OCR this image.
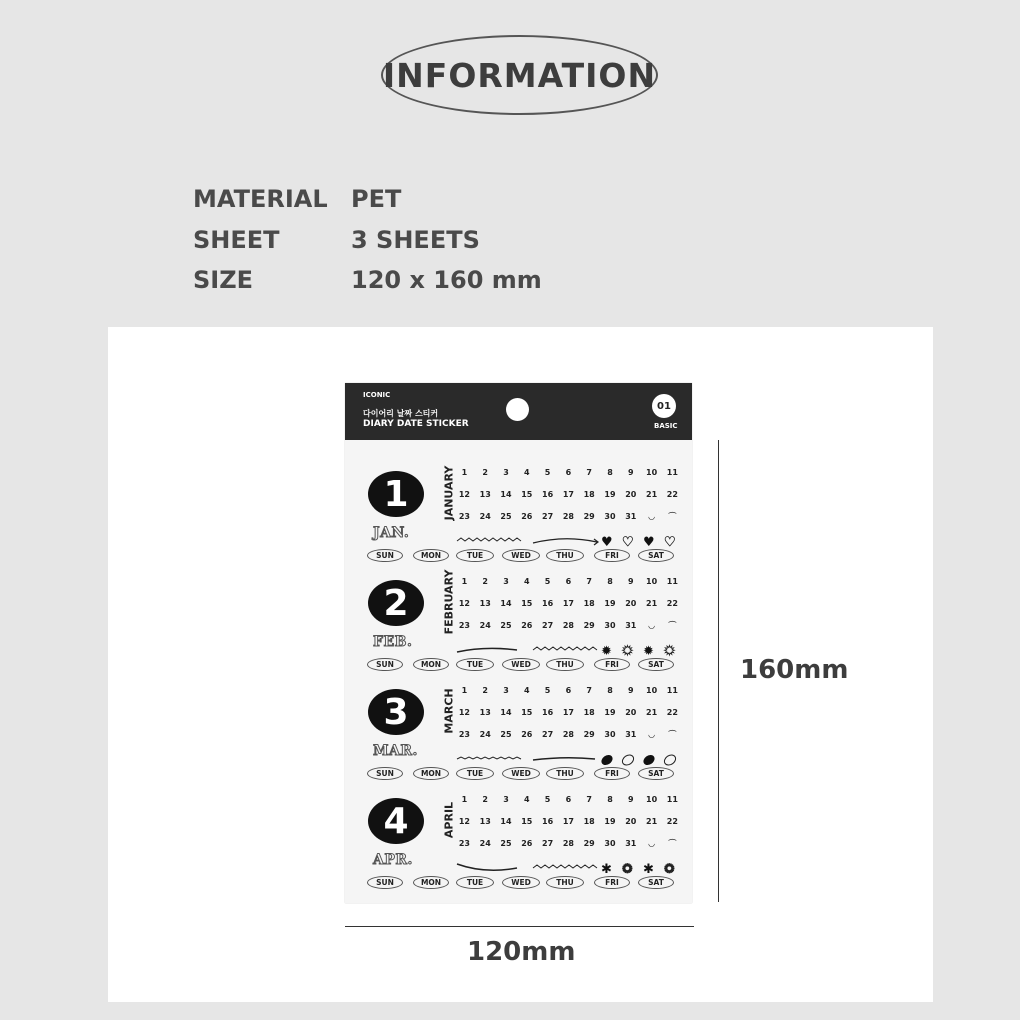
INFORMATION
MATERIAL PET
SHEET	3 SHEETS
SIZE	120 x 160 mm
ICONIC
다이어리 날짜 스티커
DIARY DATE STICKER
01
BASIC
1
JAN.
JANUARY 1	2	3	4	5	6	7	8	9	10	11
12	13	14	15	16	17	18	19	20	21	22
23	24	25	26	27	28	29	30	31	◡	⌒
♥ ♥ ♥ ♥
SUN	MON	TUE	WED	THU	FRI	SAT
2
FEB.
FEBRUARY 1	2	3	4	5	6	7	8	9	10	11
12	13	14	15	16	17	18	19	20	21	22
23	24	25	26	27	28	29	30	31	◡	⌒
✹ ✹ ✹ ✹
SUN	MON	TUE	WED	THU	FRI	SAT
3
MAR.
MARCH 1	2	3	4	5	6	7	8	9	10	11
12	13	14	15	16	17	18	19	20	21	22
23	24	25	26	27	28	29	30	31	◡	⌒
SUN	MON	TUE	WED	THU	FRI	SAT
4
APR.
APRIL
1	2	3	4	5	6	7	8	9	10	11
12	13	14	15	16	17	18	19	20	21	22
23	24	25	26	27	28	29	30	31	◡	⌒
✱ ✺ ✱ ✺
SUN	MON	TUE	WED	THU	FRI	SAT
160mm
120mm
